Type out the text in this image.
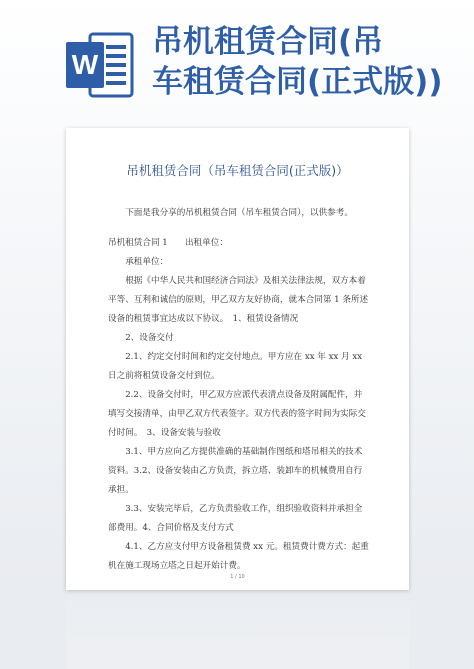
W
吊机租赁合同(吊
车租赁合同(正式版))
吊机租赁合同（吊车租赁合同(正式版)）

下面是我分享的吊机租赁合同（吊车租赁合同），以供参考。

吊机租赁合同 1　　出租单位：

承租单位：

根据《中华人民共和国经济合同法》及相关法律法规，双方本着平等、互利和诚信的原则，甲乙双方友好协商，就本合同第 1 条所述设备的租赁事宜达成以下协议。　1、租赁设备情况

2、设备交付

2.1、约定交付时间和约定交付地点。甲方应在 xx 年 xx 月 xx 日之前将租赁设备交付到位。

2.2、设备交付时，甲乙双方应派代表清点设备及附属配件，并填写交接清单，由甲乙双方代表签字。双方代表的签字时间为实际交付时间。　3、设备安装与验收

3.1、甲方应向乙方提供准确的基础制作图纸和塔吊相关的技术资料。3.2、设备安装由乙方负责，拆立塔、装卸车的机械费用自行承担。

3.3、安装完毕后，乙方负责验收工作，组织验收资料并承担全部费用。4、合同价格及支付方式

4.1、乙方应支付甲方设备租赁费 xx 元。租赁费计费方式：起重机在施工现场立塔之日起开始计费。

1 / 10
